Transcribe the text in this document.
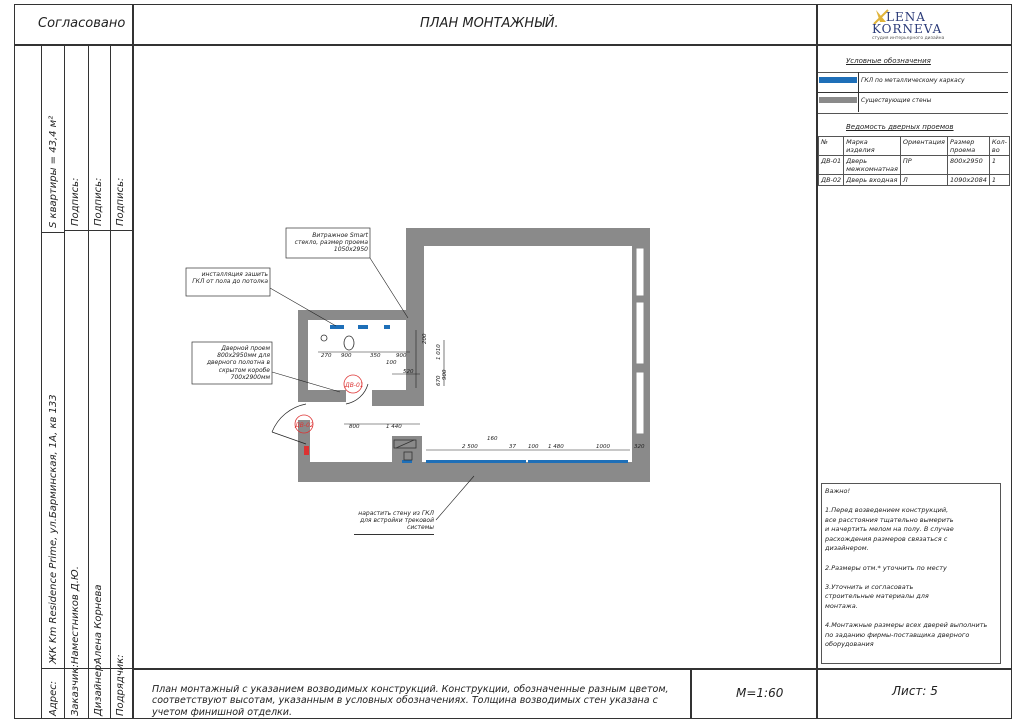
Согласовано	ПЛАН МОНТАЖНЫЙ.	LENA
KORNEVA
студия интерьерного дизайна
S квартиры = 43,4 м²
ЖК Km Residence Prime, ул.Барминская, 1А, кв 133
Адрес:
Подпись:
Наместников Д.Ю.
Заказчик:
Подпись:
Алена Корнева
Дизайнер:
Подпись:
Подрядчик:
Условные обозначения
ГКЛ по металлическому каркасу
Существующие стены
Ведомость дверных проемов
№	Марка изделия	Ориентация	Размер проема	Кол-во
ДВ-01	Дверь межкомнатная	ПР	800х2950	1
ДВ-02	Дверь входная	Л	1090х2084	1
Важно!
1.Перед возведением конструкций, все расстояния тщательно вымерить и начертить мелом на полу. В случае расхождения размеров связаться с дизайнером.
2.Размеры отм.* уточнить по месту
3.Уточнить и согласовать строительные материалы для монтажа.
4.Монтажные размеры всех дверей выполнить по заданию фирмы-поставщика дверного оборудования
План монтажный с указанием возводимых конструкций. Конструкции, обозначенные разным цветом, соответствуют высотам, указанным в условных обозначениях. Толщина возводимых стен указана с учетом финишной отделки.
М=1:60	Лист: 5
ДВ-01
ДВ-02
270 900	350	900
100
520
800	1 440
160
2 500	37 100 1 480	1000	320
200
1 010
900
670
Витражное Smart стекло, размер проема 1050х2950
инсталляция зашить ГКЛ от пола до потолка
Дверной проем 800х2950мм для дверного полотна в скрытом коробе 700х2900мм
нарастить стену из ГКЛ для встройки трековой системы
